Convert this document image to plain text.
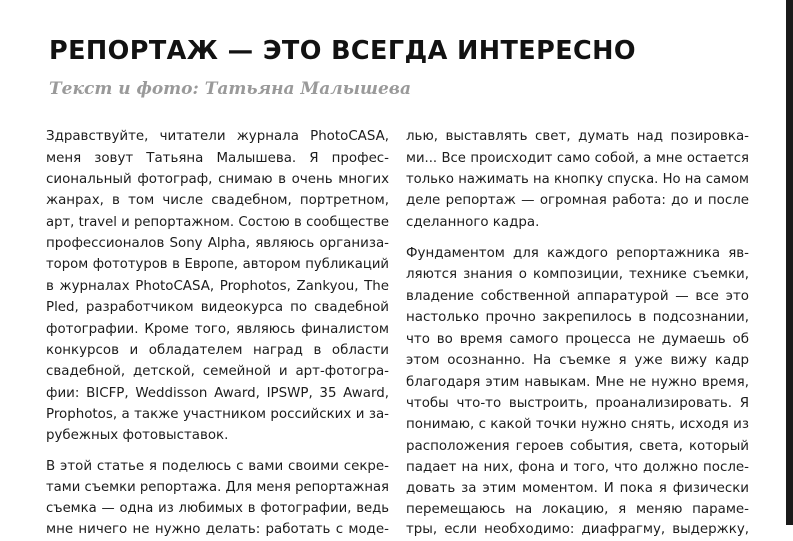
РЕПОРТАЖ — ЭТО ВСЕГДА ИНТЕРЕСНО
Текст и фото: Татьяна Малышева
Здравствуйте, читатели журнала PhotoCASA,
меня зовут Татьяна Малышева. Я профес-
сиональный фотограф, снимаю в очень многих
жанрах, в том числе свадебном, портретном,
арт, travel и репортажном. Состою в сообществе
профессионалов Sony Alpha, являюсь организа-
тором фототуров в Европе, автором публикаций
в журналах PhotoCASA, Prophotos, Zankyou, The
Pled, разработчиком видеокурса по свадебной
фотографии. Кроме того, являюсь финалистом
конкурсов и обладателем наград в области
свадебной, детской, семейной и арт-фотогра-
фии: BICFP, Weddisson Award, IPSWP, 35 Award,
Prophotos, а также участником российских и за-
рубежных фотовыставок.
В этой статье я поделюсь с вами своими секре-
тами съемки репортажа. Для меня репортажная
съемка — одна из любимых в фотографии, ведь
мне ничего не нужно делать: работать с моде-
лью, выставлять свет, думать над позировка-
ми... Все происходит само собой, а мне остается
только нажимать на кнопку спуска. Но на самом
деле репортаж — огромная работа: до и после
сделанного кадра.
Фундаментом для каждого репортажника яв-
ляются знания о композиции, технике съемки,
владение собственной аппаратурой — все это
настолько прочно закрепилось в подсознании,
что во время самого процесса не думаешь об
этом осознанно. На съемке я уже вижу кадр
благодаря этим навыкам. Мне не нужно время,
чтобы что-то выстроить, проанализировать. Я
понимаю, с какой точки нужно снять, исходя из
расположения героев события, света, который
падает на них, фона и того, что должно после-
довать за этим моментом. И пока я физически
перемещаюсь на локацию, я меняю параме-
тры, если необходимо: диафрагму, выдержку,
